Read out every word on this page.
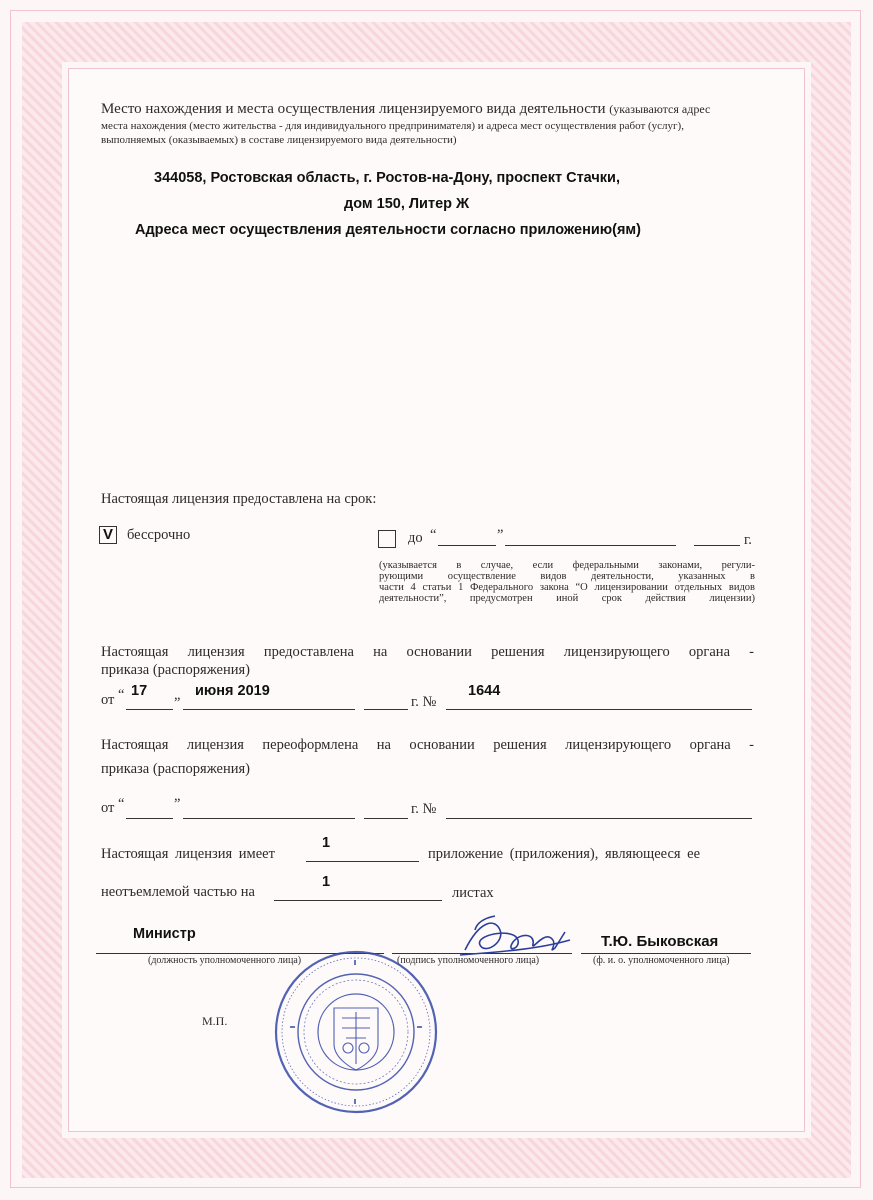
Место нахождения и места осуществления лицензируемого вида деятельности (указываются адрес
места нахождения (место жительства - для индивидуального предпринимателя) и адреса мест осуществления работ (услуг),
выполняемых (оказываемых) в составе лицензируемого вида деятельности)
344058, Ростовская область, г. Ростов-на-Дону, проспект Стачки,
дом 150, Литер Ж
Адреса мест осуществления деятельности согласно приложению(ям)
Настоящая лицензия предоставлена на срок:
V бессрочно	до “	”	г.
(указывается в случае, если федеральными законами, регули-
рующими осуществление видов деятельности, указанных в
части 4 статьи 1 Федерального закона “О лицензировании отдельных видов
деятельности”, предусмотрен иной срок действия лицензии)
Настоящая лицензия предоставлена на основании решения лицензирующего органа -
приказа (распоряжения)
от “ 17 „ июня 2019
г. №
1644
Настоящая лицензия переоформлена на основании решения лицензирующего органа -
приказа (распоряжения)
от “	”	г. №
Настоящая лицензия имеет
1
приложение (приложения), являющееся ее
неотъемлемой частью на
1
листах
Министр
(должность уполномоченного лица)	(подпись уполномоченного лица)
Т.Ю. Быковская
(ф. и. о. уполномоченного лица)
М.П.
